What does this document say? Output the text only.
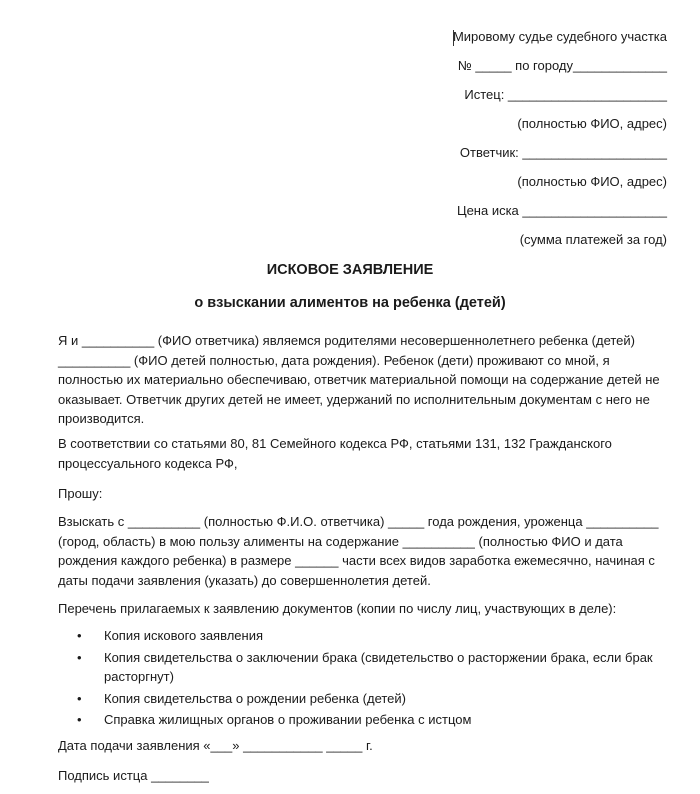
Мировому судье судебного участка
№ _____ по городу_____________
Истец: ______________________
(полностью ФИО, адрес)
Ответчик: ____________________
(полностью ФИО, адрес)
Цена иска ____________________
(сумма платежей за год)
ИСКОВОЕ ЗАЯВЛЕНИЕ
о взыскании алиментов на ребенка (детей)
Я и __________ (ФИО ответчика) являемся родителями несовершеннолетнего ребенка (детей) __________ (ФИО детей полностью, дата рождения). Ребенок (дети) проживают со мной, я полностью их материально обеспечиваю, ответчик материальной помощи на содержание детей не оказывает. Ответчик других детей не имеет, удержаний по исполнительным документам с него не производится.
В соответствии со статьями 80, 81 Семейного кодекса РФ, статьями 131, 132 Гражданского процессуального кодекса РФ,
Прошу:
Взыскать с __________ (полностью Ф.И.О. ответчика) _____ года рождения, уроженца __________ (город, область) в мою пользу алименты на содержание __________ (полностью ФИО и дата рождения каждого ребенка) в размере ______ части всех видов заработка ежемесячно, начиная с даты подачи заявления (указать) до совершеннолетия детей.
Перечень прилагаемых к заявлению документов (копии по числу лиц, участвующих в деле):
• Копия искового заявления
• Копия свидетельства о заключении брака (свидетельство о расторжении брака, если брак расторгнут)
• Копия свидетельства о рождении ребенка (детей)
• Справка жилищных органов о проживании ребенка с истцом
Дата подачи заявления «___» ___________ _____ г.
Подпись истца ________
